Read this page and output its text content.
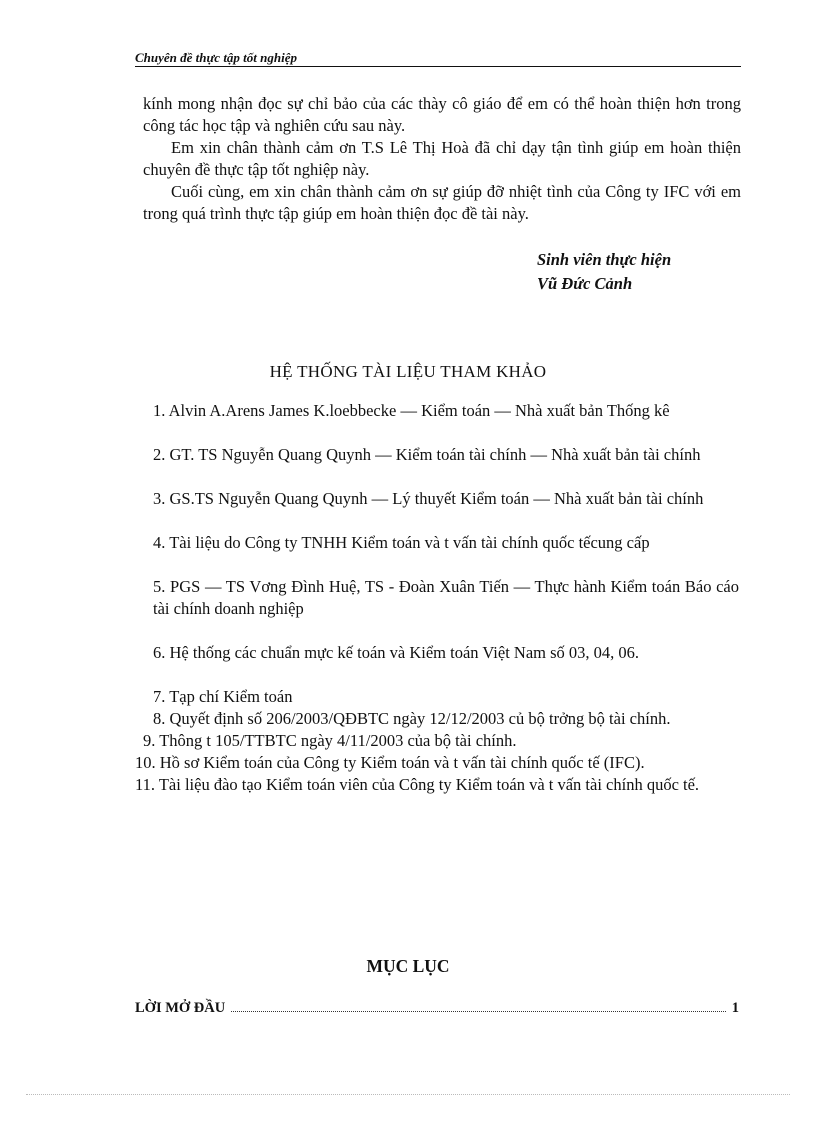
Chuyên đề thực tập tốt nghiệp

kính mong nhận đọc sự chỉ bảo của các thày cô giáo để em có thể hoàn thiện hơn trong công tác học tập và nghiên cứu sau này.

Em xin chân thành cảm ơn T.S Lê Thị Hoà đã chỉ dạy tận tình giúp em hoàn thiện chuyên đề thực tập tốt nghiệp này.

Cuối cùng, em xin chân thành cảm ơn sự giúp đỡ nhiệt tình của Công ty IFC với em trong quá trình thực tập giúp em hoàn thiện đọc đề tài này.

Sinh viên thực hiện
Vũ Đức Cảnh
HỆ THỐNG TÀI LIỆU THAM KHẢO
1. Alvin A.Arens James K.loebbecke — Kiểm toán — Nhà xuất bản Thống kê
2. GT. TS Nguyễn Quang Quynh — Kiểm toán tài chính — Nhà xuất bản tài chính
3. GS.TS Nguyễn Quang Quynh — Lý thuyết Kiểm toán — Nhà xuất bản tài chính
4. Tài liệu do Công ty TNHH Kiểm toán và t vấn tài chính quốc tếcung cấp
5. PGS — TS Vơng Đình Huệ, TS - Đoàn Xuân Tiến — Thực hành Kiểm toán Báo cáo tài chính doanh nghiệp
6. Hệ thống các chuẩn mực kế toán và Kiểm toán Việt Nam số 03, 04, 06.
7. Tạp chí Kiểm toán
8. Quyết định số 206/2003/QĐBTC ngày 12/12/2003 củ bộ trởng bộ tài chính.
9. Thông t 105/TTBTC ngày 4/11/2003 của bộ tài chính.
10. Hồ sơ Kiểm toán của Công ty Kiểm toán và t vấn tài chính quốc tế (IFC).
11. Tài liệu đào tạo Kiểm toán viên của Công ty Kiểm toán và t vấn tài chính quốc tế.
MỤC LỤC
LỜI MỞ ĐẦU	1
